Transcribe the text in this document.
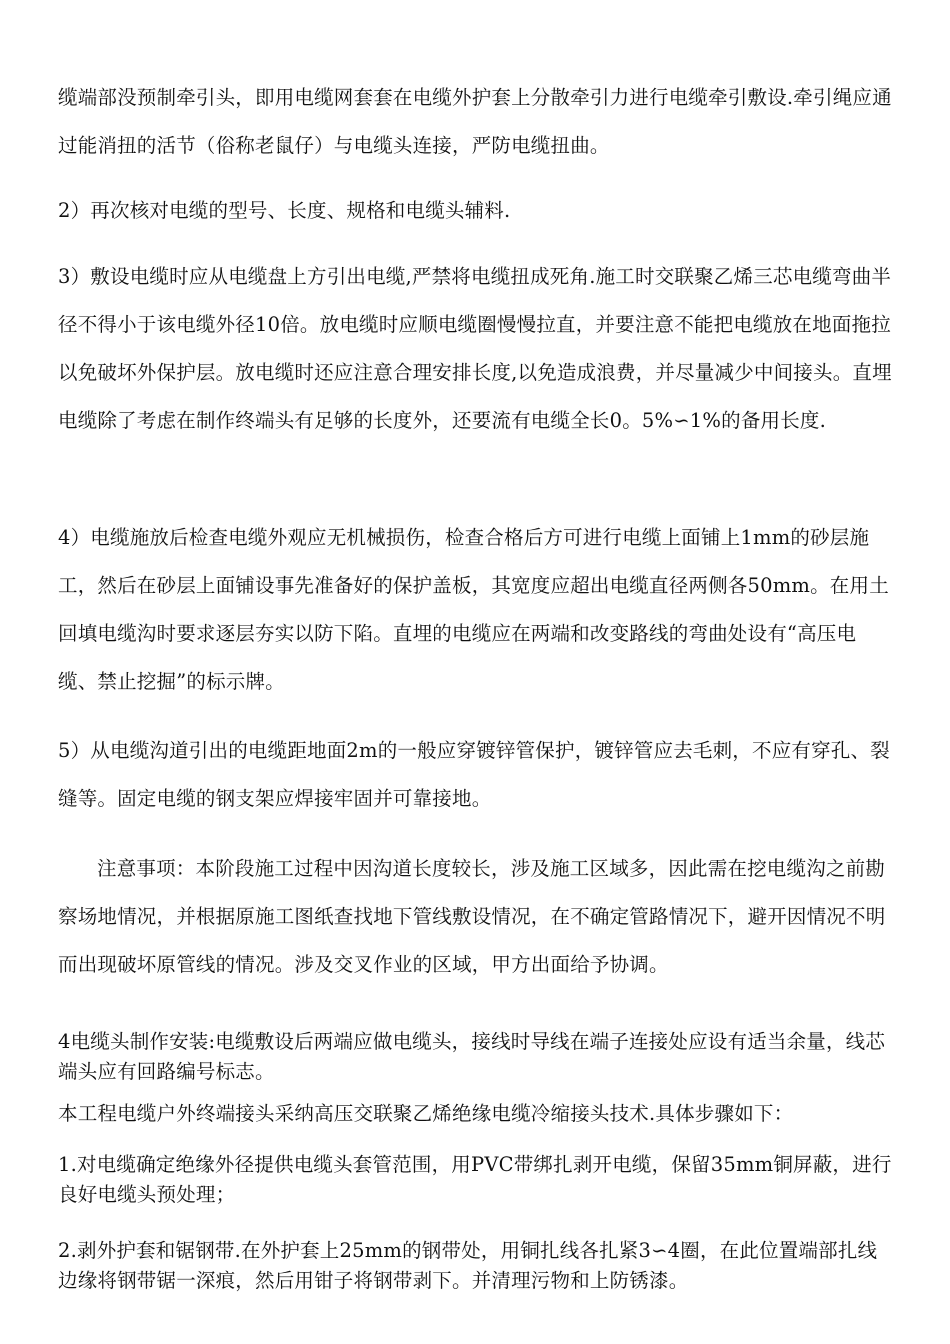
缆端部没预制牵引头，即用电缆网套套在电缆外护套上分散牵引力进行电缆牵引敷设.牵引绳应通过能消扭的活节（俗称老鼠仔）与电缆头连接，严防电缆扭曲。

2）再次核对电缆的型号、长度、规格和电缆头辅料.

3）敷设电缆时应从电缆盘上方引出电缆,严禁将电缆扭成死角.施工时交联聚乙烯三芯电缆弯曲半径不得小于该电缆外径10倍。放电缆时应顺电缆圈慢慢拉直，并要注意不能把电缆放在地面拖拉以免破坏外保护层。放电缆时还应注意合理安排长度,以免造成浪费，并尽量减少中间接头。直埋电缆除了考虑在制作终端头有足够的长度外，还要流有电缆全长0。5%∽1%的备用长度.

4）电缆施放后检查电缆外观应无机械损伤，检查合格后方可进行电缆上面铺上1mm的砂层施工，然后在砂层上面铺设事先准备好的保护盖板，其宽度应超出电缆直径两侧各50mm。在用土回填电缆沟时要求逐层夯实以防下陷。直埋的电缆应在两端和改变路线的弯曲处设有“高压电缆、禁止挖掘”的标示牌。

5）从电缆沟道引出的电缆距地面2m的一般应穿镀锌管保护，镀锌管应去毛刺，不应有穿孔、裂缝等。固定电缆的钢支架应焊接牢固并可靠接地。

注意事项：本阶段施工过程中因沟道长度较长，涉及施工区域多，因此需在挖电缆沟之前勘察场地情况，并根据原施工图纸查找地下管线敷设情况，在不确定管路情况下，避开因情况不明而出现破坏原管线的情况。涉及交叉作业的区域，甲方出面给予协调。

4电缆头制作安装:电缆敷设后两端应做电缆头，接线时导线在端子连接处应设有适当余量，线芯端头应有回路编号标志。

本工程电缆户外终端接头采纳高压交联聚乙烯绝缘电缆冷缩接头技术.具体步骤如下：

1.对电缆确定绝缘外径提供电缆头套管范围，用PVC带绑扎剥开电缆，保留35mm铜屏蔽，进行良好电缆头预处理；

2.剥外护套和锯钢带.在外护套上25mm的钢带处，用铜扎线各扎紧3∽4圈，在此位置端部扎线边缘将钢带锯一深痕，然后用钳子将钢带剥下。并清理污物和上防锈漆。
